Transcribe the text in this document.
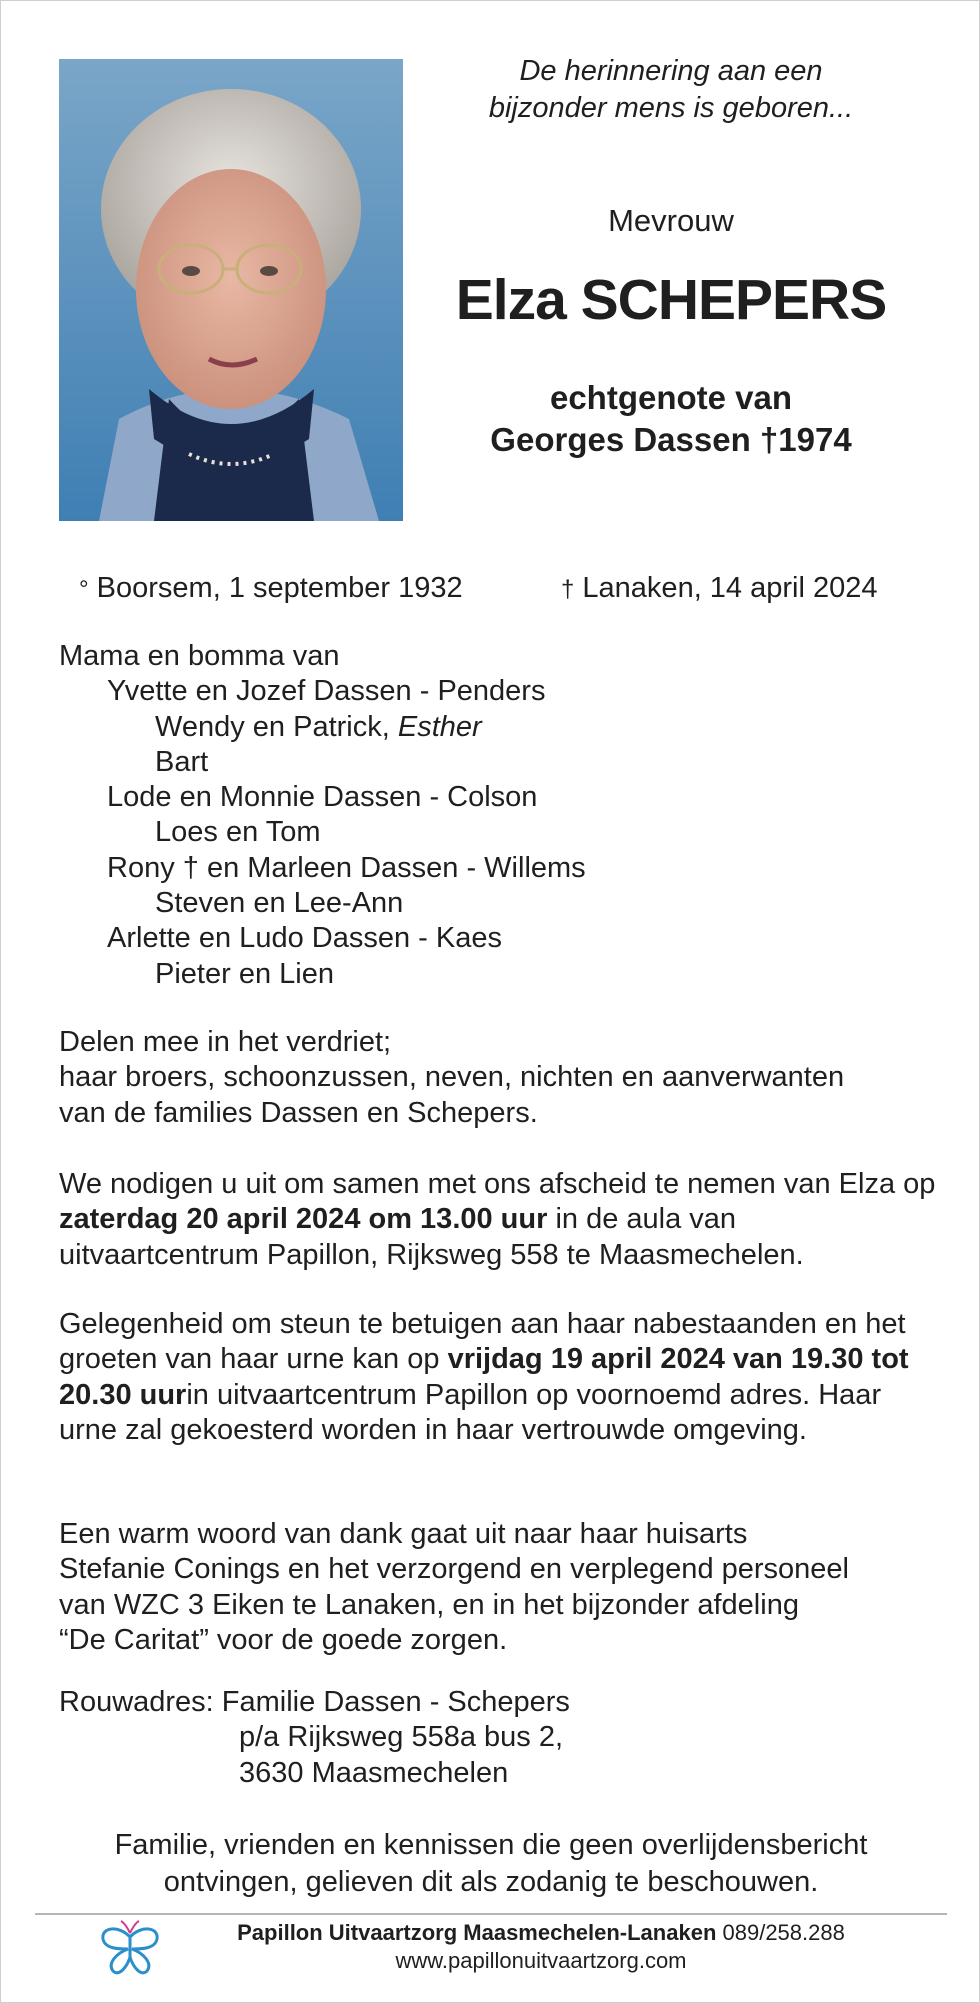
De herinnering aan een
bijzonder mens is geboren...
Mevrouw
Elza SCHEPERS
echtgenote van
Georges Dassen †1974
° Boorsem, 1 september 1932	† Lanaken, 14 april 2024
Mama en bomma van
Yvette en Jozef Dassen - Penders
Wendy en Patrick, Esther
Bart
Lode en Monnie Dassen - Colson
Loes en Tom
Rony † en Marleen Dassen - Willems
Steven en Lee-Ann
Arlette en Ludo Dassen - Kaes
Pieter en Lien
Delen mee in het verdriet;
haar broers, schoonzussen, neven, nichten en aanverwanten
van de families Dassen en Schepers.
We nodigen u uit om samen met ons afscheid te nemen van Elza op zaterdag 20 april 2024 om 13.00 uur in de aula van uitvaartcentrum Papillon, Rijksweg 558 te Maasmechelen.
Gelegenheid om steun te betuigen aan haar nabestaanden en het groeten van haar urne kan op vrijdag 19 april 2024 van 19.30 tot 20.30 uurin uitvaartcentrum Papillon op voornoemd adres. Haar urne zal gekoesterd worden in haar vertrouwde omgeving.
Een warm woord van dank gaat uit naar haar huisarts
Stefanie Conings en het verzorgend en verplegend personeel
van WZC 3 Eiken te Lanaken, en in het bijzonder afdeling
“De Caritat” voor de goede zorgen.
Rouwadres: Familie Dassen - Schepers
p/a Rijksweg 558a bus 2,
3630 Maasmechelen
Familie, vrienden en kennissen die geen overlijdensbericht
ontvingen, gelieven dit als zodanig te beschouwen.
Papillon Uitvaartzorg Maasmechelen-Lanaken 089/258.288
www.papillonuitvaartzorg.com
